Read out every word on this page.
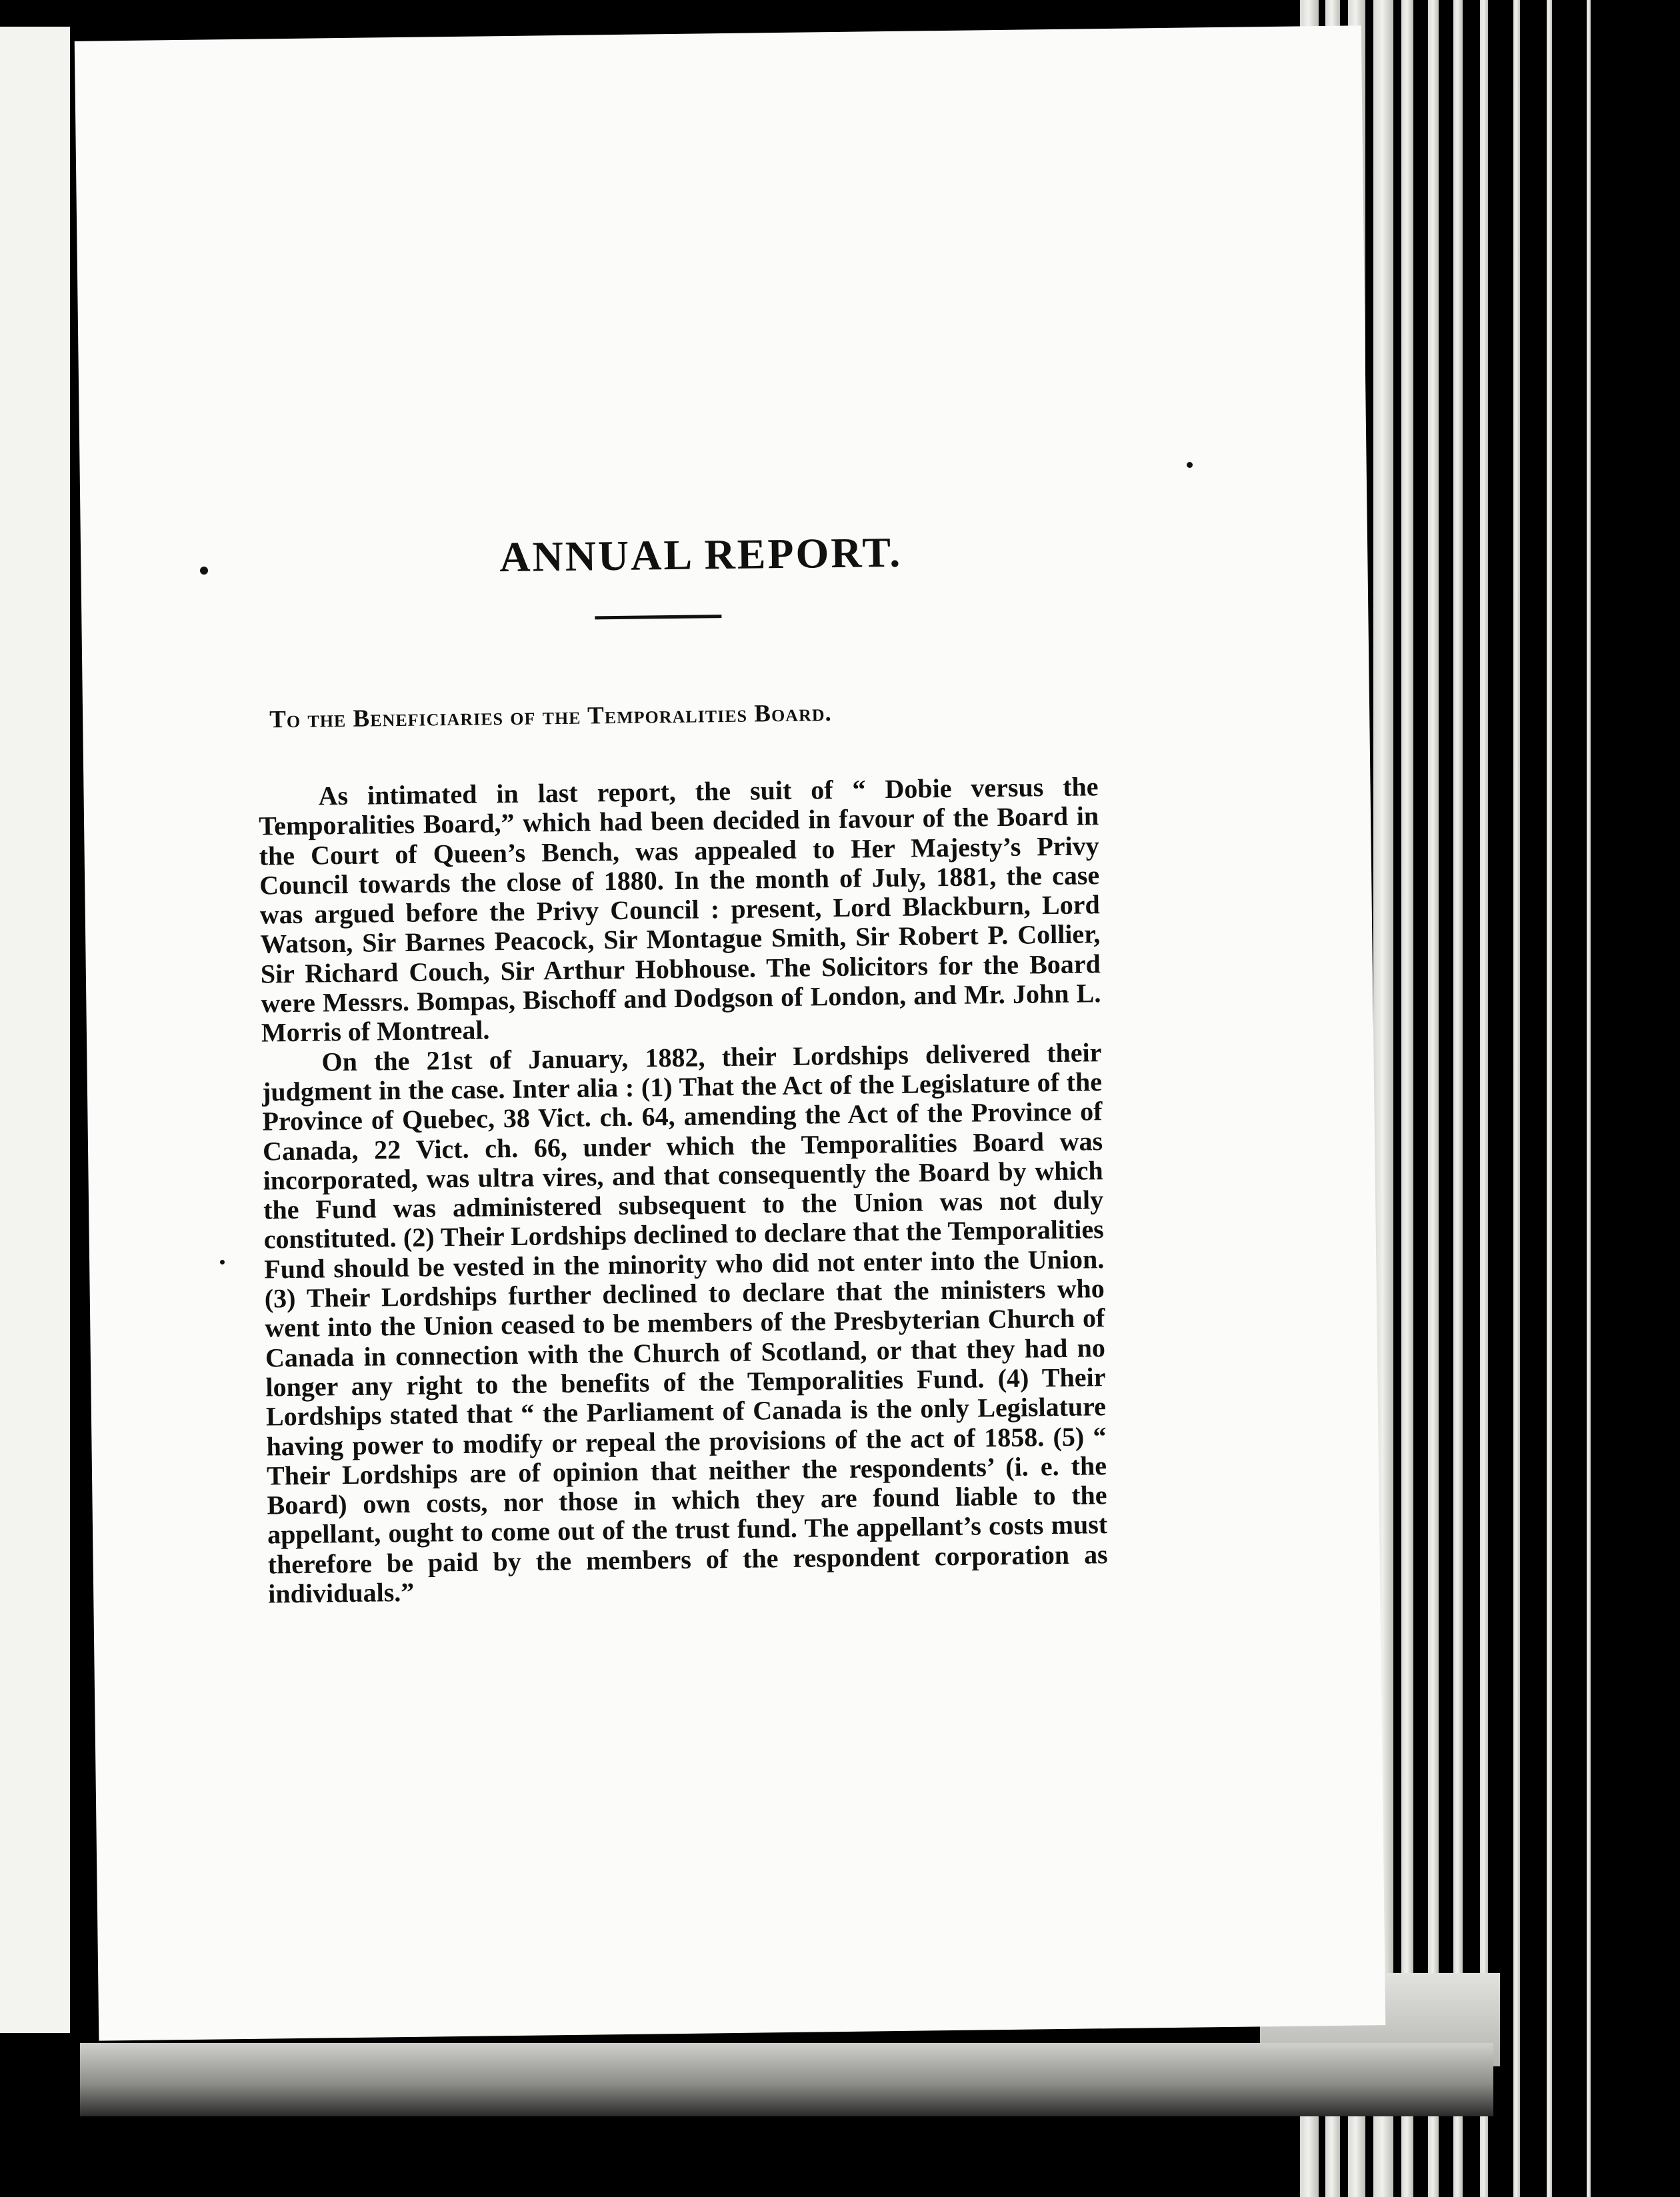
ANNUAL REPORT.
To the Beneficiaries of the Temporalities Board.

As intimated in last report, the suit of “ Dobie versus the Temporalities Board,” which had been decided in favour of the Board in the Court of Queen’s Bench, was appealed to Her Majesty’s Privy Council towards the close of 1880. In the month of July, 1881, the case was argued before the Privy Council : present, Lord Blackburn, Lord Watson, Sir Barnes Peacock, Sir Montague Smith, Sir Robert P. Collier, Sir Richard Couch, Sir Arthur Hobhouse. The Solicitors for the Board were Messrs. Bompas, Bischoff and Dodgson of London, and Mr. John L. Morris of Montreal.

On the 21st of January, 1882, their Lordships delivered their judgment in the case. Inter alia : (1) That the Act of the Legislature of the Province of Quebec, 38 Vict. ch. 64, amending the Act of the Province of Canada, 22 Vict. ch. 66, under which the Temporalities Board was incorporated, was ultra vires, and that consequently the Board by which the Fund was administered subsequent to the Union was not duly constituted. (2) Their Lordships declined to declare that the Temporalities Fund should be vested in the minority who did not enter into the Union. (3) Their Lordships further declined to declare that the ministers who went into the Union ceased to be members of the Presbyterian Church of Canada in connection with the Church of Scotland, or that they had no longer any right to the benefits of the Temporalities Fund. (4) Their Lordships stated that “ the Parliament of Canada is the only Legislature having power to modify or repeal the provisions of the act of 1858. (5) “ Their Lordships are of opinion that neither the respondents’ (i. e. the Board) own costs, nor those in which they are found liable to the appellant, ought to come out of the trust fund. The appellant’s costs must therefore be paid by the members of the respondent corporation as individuals.”
